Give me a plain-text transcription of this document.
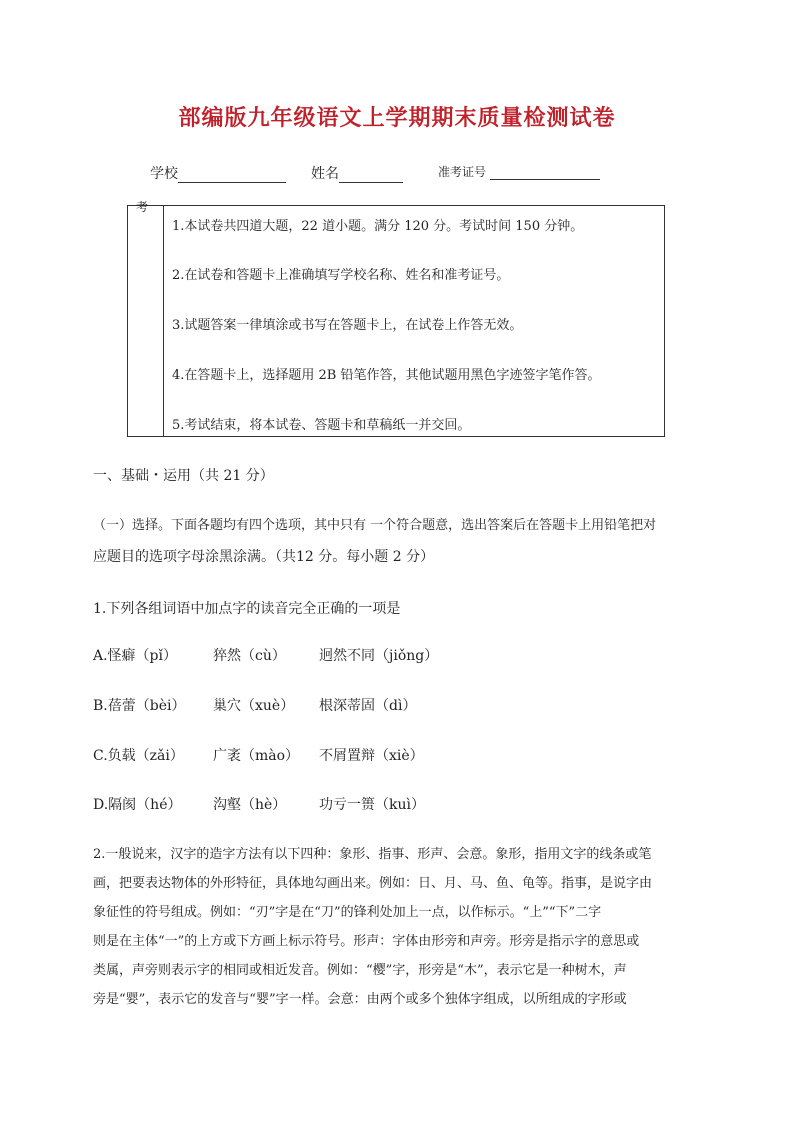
部编版九年级语文上学期期末质量检测试卷
学校	姓名	准考证号
考
1.本试卷共四道大题，22 道小题。满分 120 分。考试时间 150 分钟。
2.在试卷和答题卡上准确填写学校名称、姓名和准考证号。
3.试题答案一律填涂或书写在答题卡上，在试卷上作答无效。
4.在答题卡上，选择题用 2B 铅笔作答，其他试题用黑色字迹签字笔作答。
5.考试结束，将本试卷、答题卡和草稿纸一并交回。
一、基础・运用（共 21 分）
（一）选择。下面各题均有四个选项，其中只有 一个符合题意，选出答案后在答题卡上用铅笔把对
应题目的选项字母涂黑涂满。（共12 分。每小题 2 分）
1.下列各组词语中加点字的读音完全正确的一项是
A.怪癖（pǐ）	猝然（cù） 迥然不同（jiǒng）
B.蓓蕾（bèi） 巢穴（xuè） 根深蒂固（dì）
C.负载（zǎi） 广袤（mào） 不屑置辩（xiè）
D.隔阂（hé） 沟壑（hè） 功亏一篑（kuì）

2.一般说来，汉字的造字方法有以下四种：象形、指事、形声、会意。象形，指用文字的线条或笔

画，把要表达物体的外形特征，具体地勾画出来。例如：日、月、马、鱼、龟等。指事，是说字由

象征性的符号组成。例如：“刃”字是在“刀”的锋利处加上一点，以作标示。“上”“下”二字

则是在主体“一”的上方或下方画上标示符号。形声：字体由形旁和声旁。形旁是指示字的意思或

类属，声旁则表示字的相同或相近发音。例如：“樱”字，形旁是“木”，表示它是一种树木，声

旁是“婴”，表示它的发音与“婴”字一样。会意：由两个或多个独体字组成，以所组成的字形或
